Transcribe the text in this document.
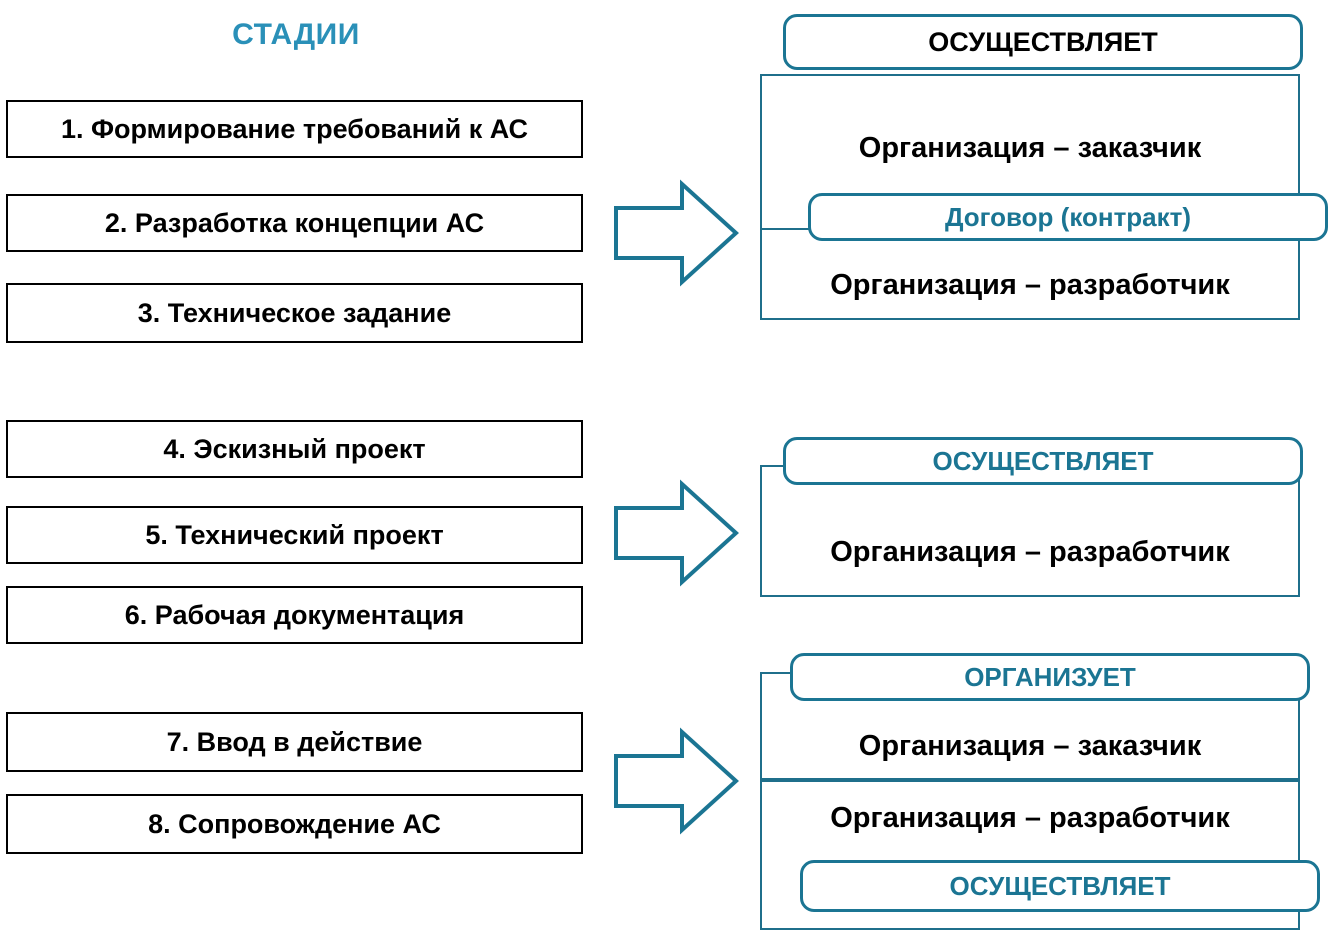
СТАДИИ
1. Формирование требований к АС
2. Разработка концепции АС
3. Техническое задание
4. Эскизный проект
5. Технический проект
6. Рабочая документация
7. Ввод в действие
8. Сопровождение АС
Организация – заказчик
ОСУЩЕСТВЛЯЕТ
Организация – разработчик
Договор (контракт)
Организация – разработчик
ОСУЩЕСТВЛЯЕТ
Организация – заказчик
ОРГАНИЗУЕТ
Организация – разработчик
ОСУЩЕСТВЛЯЕТ
